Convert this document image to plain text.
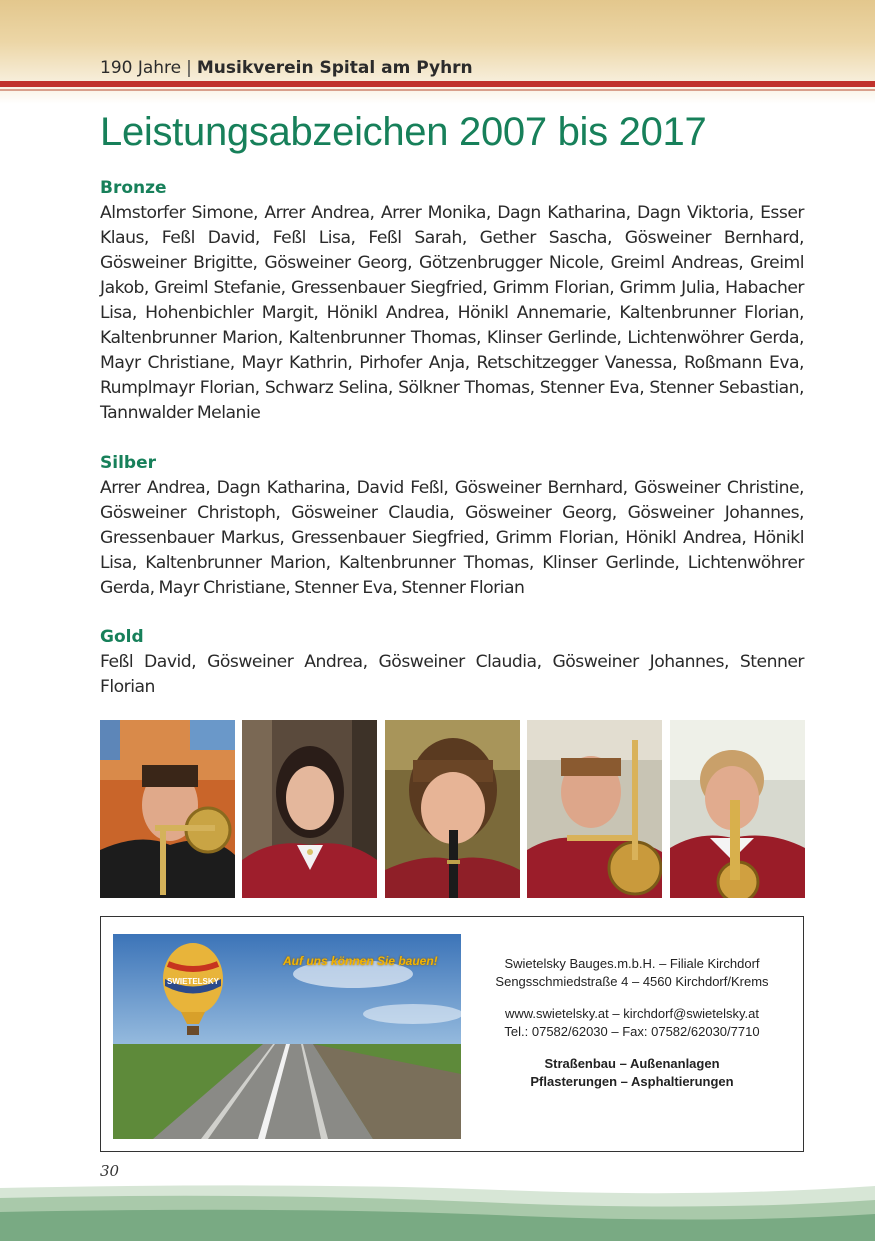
190 Jahre | Musikverein Spital am Pyhrn
Leistungsabzeichen 2007 bis 2017
Bronze

Almstorfer Simone, Arrer Andrea, Arrer Monika, Dagn Katharina, Dagn Viktoria, Esser Klaus, Feßl David, Feßl Lisa, Feßl Sarah, Gether Sascha, Gösweiner Bernhard, Gösweiner Brigitte, Gösweiner Georg, Götzenbrugger Nicole, Greiml Andreas, Greiml Jakob, Greiml Stefanie, Gressenbauer Siegfried, Grimm Florian, Grimm Julia, Habacher Lisa, Hohenbichler Margit, Hönikl Andrea, Hönikl Annemarie, Kaltenbrunner Florian, Kaltenbrunner Marion, Kaltenbrunner Thomas, Klinser Gerlinde, Lichtenwöhrer Gerda, Mayr Christiane, Mayr Kathrin, Pirhofer Anja, Retschitzegger Vanessa, Roßmann Eva, Rumplmayr Florian, Schwarz Selina, Sölkner Thomas, Stenner Eva, Stenner Sebastian, Tannwalder Melanie

Silber

Arrer Andrea, Dagn Katharina, David Feßl, Gösweiner Bernhard, Gösweiner Christine, Gösweiner Christoph, Gösweiner Claudia, Gösweiner Georg, Gösweiner Johannes, Gressenbauer Markus, Gressenbauer Siegfried, Grimm Florian, Hönikl Andrea, Hönikl Lisa, Kaltenbrunner Marion, Kaltenbrunner Thomas, Klinser Gerlinde, Lichtenwöhrer Gerda, Mayr Christiane, Stenner Eva, Stenner Florian

Gold

Feßl David, Gösweiner Andrea, Gösweiner Claudia, Gösweiner Johannes, Stenner Florian

SWIETELSKY
Auf uns können Sie bauen!	Swietelsky Bauges.m.b.H. – Filiale Kirchdorf
Sengsschmiedstraße 4 – 4560 Kirchdorf/Krems
www.swietelsky.at – kirchdorf@swietelsky.at
Tel.: 07582/62030 – Fax: 07582/62030/7710
Straßenbau – Außenanlagen
Pflasterungen – Asphaltierungen
30
